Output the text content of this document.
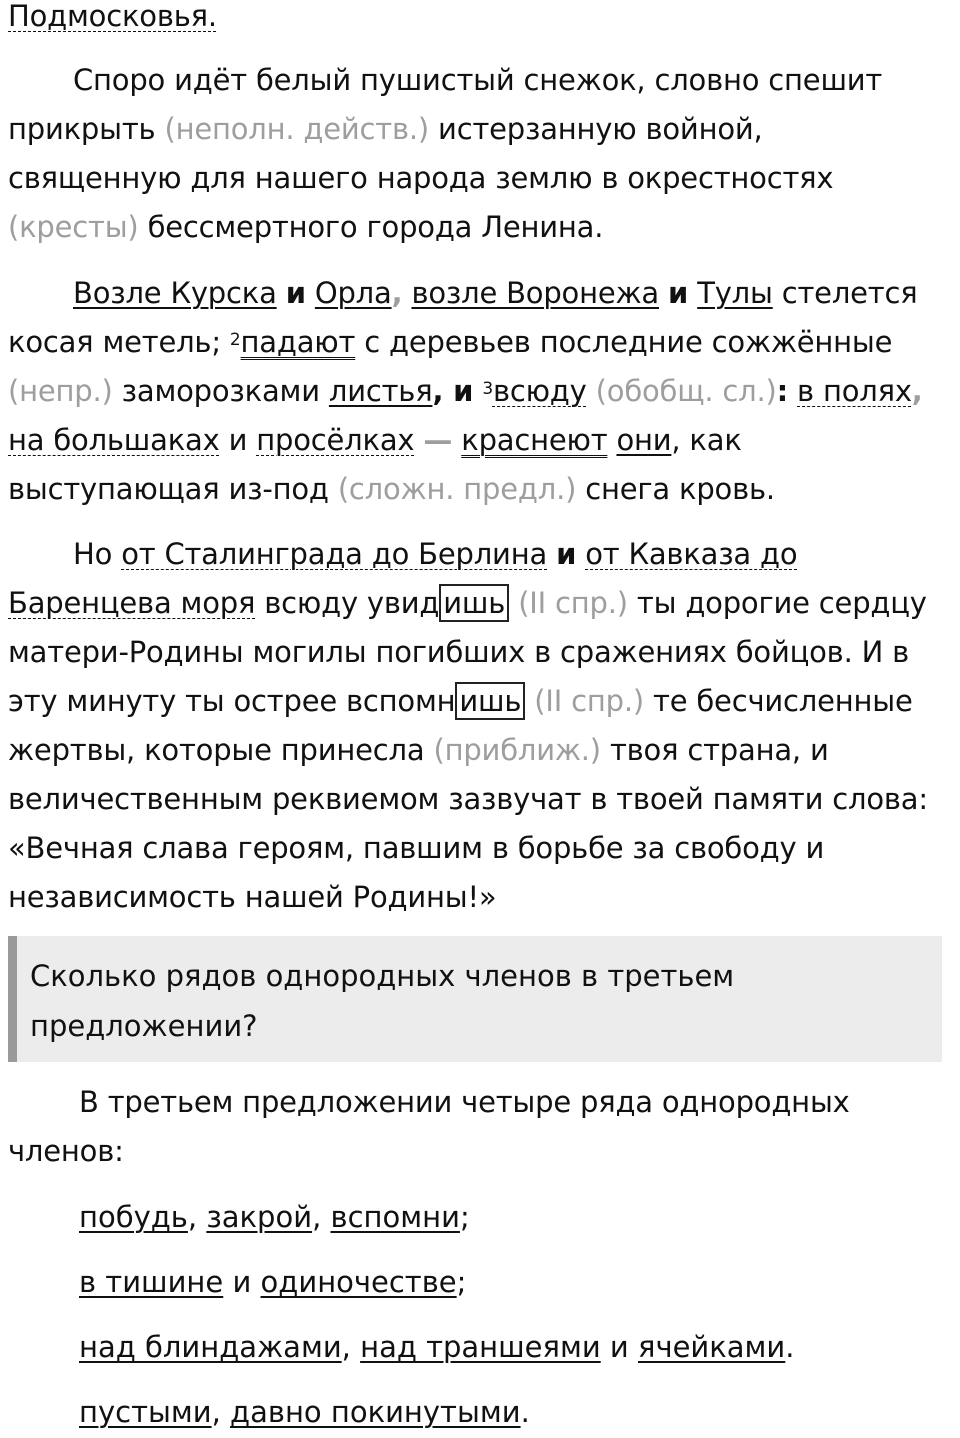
Подмосковья.
Споро идёт белый пушистый снежок, словно спешит
прикрыть (неполн. действ.) истерзанную войной,
священную для нашего народа землю в окрестностях
(кресты) бессмертного города Ленина.
Возле Курска и Орла, возле Воронежа и Тулы стелется
косая метель; $^2$падают с деревьев последние сожжённые
(непр.) заморозками листья, и $^3$всюду (обобщ. сл.): в полях,
на большаках и просёлках — краснеют они, как
выступающая из-под (сложн. предл.) снега кровь.
Но от Сталинграда до Берлина и от Кавказа до
Баренцева моря всюду увид ишь (II спр.) ты дорогие сердцу
матери-Родины могилы погибших в сражениях бойцов. И в
эту минуту ты острее вспомн ишь (II спр.) те бесчисленные
жертвы, которые принесла (приближ.) твоя страна, и
величественным реквиемом зазвучат в твоей памяти слова:
«Вечная слава героям, павшим в борьбе за свободу и
независимость нашей Родины!»
Сколько рядов однородных членов в третьем предложении?
В третьем предложении четыре ряда однородных
побудь, закрой, вспомни;
в тишине и одиночестве;
над блиндажами, над траншеями и ячейками.
пустыми, давно покинутыми.
членов:
